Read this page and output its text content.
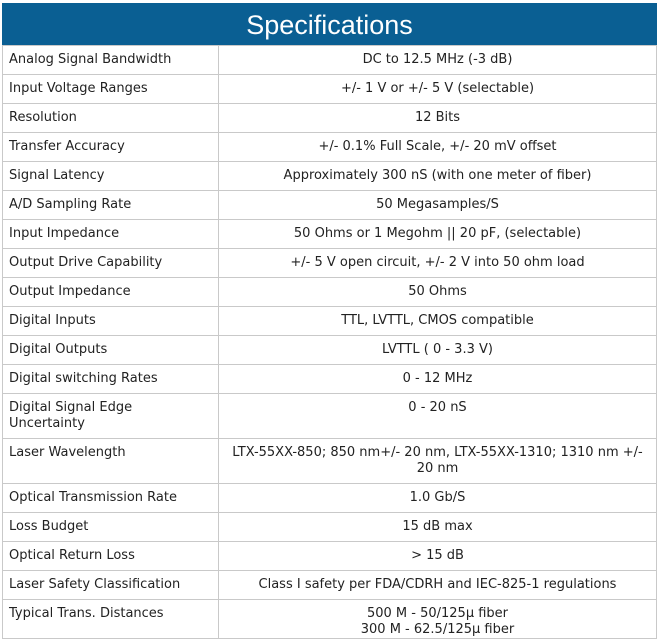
Specifications
Analog Signal Bandwidth	DC to 12.5 MHz (-3 dB)
Input Voltage Ranges	+/- 1 V or +/- 5 V (selectable)
Resolution	12 Bits
Transfer Accuracy	+/- 0.1% Full Scale, +/- 20 mV offset
Signal Latency	Approximately 300 nS (with one meter of fiber)
A/D Sampling Rate	50 Megasamples/S
Input Impedance	50 Ohms or 1 Megohm || 20 pF, (selectable)
Output Drive Capability	+/- 5 V open circuit, +/- 2 V into 50 ohm load
Output Impedance	50 Ohms
Digital Inputs	TTL, LVTTL, CMOS compatible
Digital Outputs	LVTTL ( 0 - 3.3 V)
Digital switching Rates	0 - 12 MHz
Digital Signal Edge Uncertainty	0 - 20 nS
Laser Wavelength	LTX-55XX-850; 850 nm+/- 20 nm, LTX-55XX-1310; 1310 nm +/- 20 nm
Optical Transmission Rate	1.0 Gb/S
Loss Budget	15 dB max
Optical Return Loss	> 15 dB
Laser Safety Classification	Class I safety per FDA/CDRH and IEC-825-1 regulations
Typical Trans. Distances	500 M - 50/125μ fiber
300 M - 62.5/125μ fiber
